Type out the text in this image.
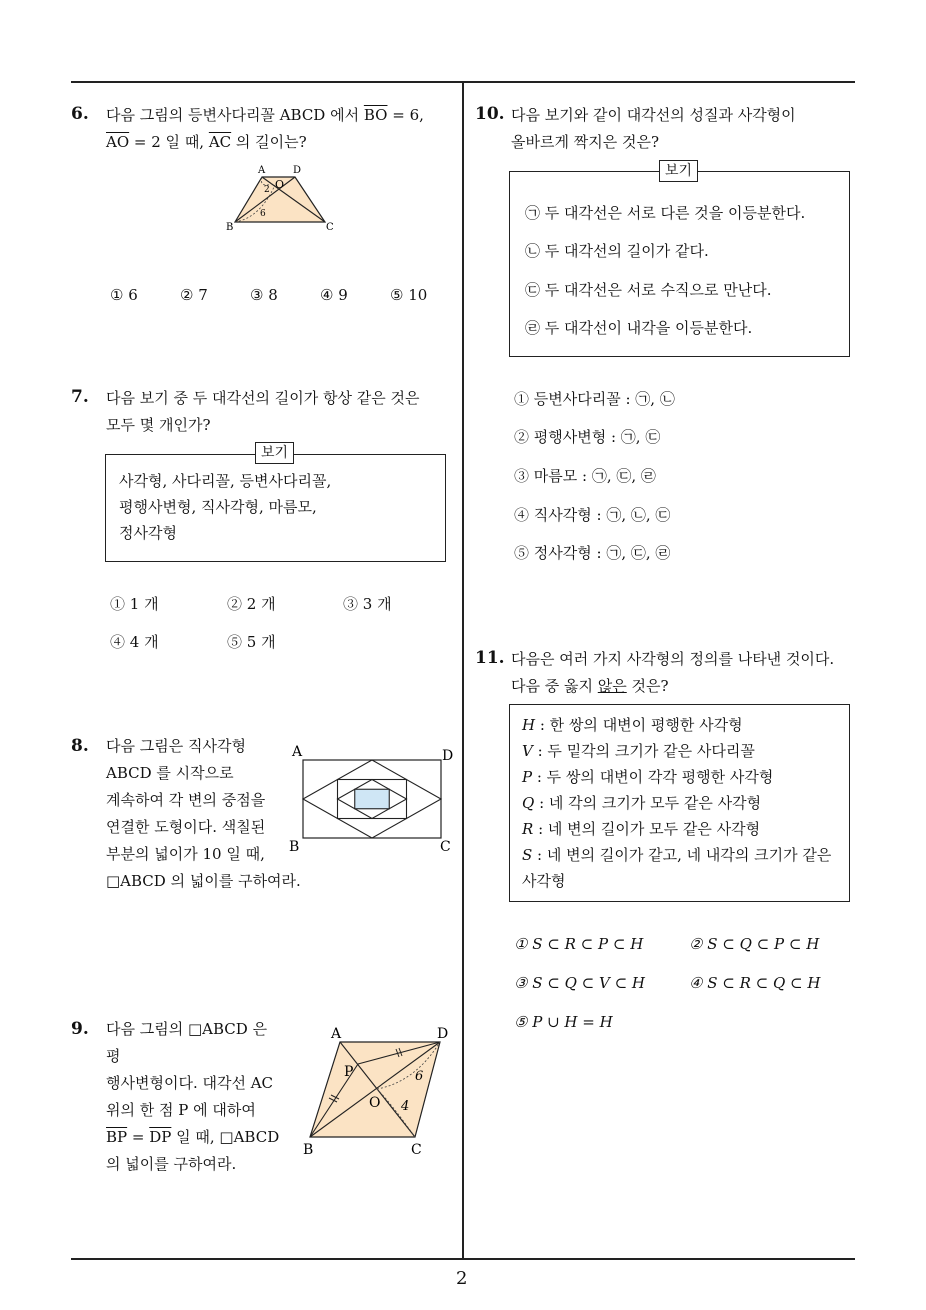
2
6. 다음 그림의 등변사다리꼴 ABCD 에서 $\overline{BO} = 6$,
$\overline{AO} = 2$ 일 때, $\overline{AC}$ 의 길이는?
A	D
O
2
6
B	C
① 6	② 7	③ 8	④ 9	⑤ 10
7. 다음 보기 중 두 대각선의 길이가 항상 같은 것은
모두 몇 개인가?
보기
사각형, 사다리꼴, 등변사다리꼴,
평행사변형, 직사각형, 마름모,
정사각형
① 1 개	② 2 개	③ 3 개
④ 4 개	⑤ 5 개
8. 다음 그림은 직사각형
ABCD 를 시작으로
계속하여 각 변의 중점을
연결한 도형이다. 색칠된
부분의 넓이가 10 일 때,
□ABCD 의 넓이를 구하여라.
A	D
B	C
9. 다음 그림의 □ABCD 은 평
행사변형이다. 대각선 AC
위의 한 점 P 에 대하여
$\overline{BP} = \overline{DP}$ 일 때, □ABCD
의 넓이를 구하여라.
A	D
P
O
6
4
B	C
10. 다음 보기와 같이 대각선의 성질과 사각형이
올바르게 짝지은 것은?
보기
㉠ 두 대각선은 서로 다른 것을 이등분한다.
㉡ 두 대각선의 길이가 같다.
㉢ 두 대각선은 서로 수직으로 만난다.
㉣ 두 대각선이 내각을 이등분한다.
① 등변사다리꼴 : ㉠, ㉡
② 평행사변형 : ㉠, ㉢
③ 마름모 : ㉠, ㉢, ㉣
④ 직사각형 : ㉠, ㉡, ㉢
⑤ 정사각형 : ㉠, ㉢, ㉣
11. 다음은 여러 가지 사각형의 정의를 나타낸 것이다.
다음 중 옳지 않은 것은?
H : 한 쌍의 대변이 평행한 사각형
V : 두 밑각의 크기가 같은 사다리꼴
P : 두 쌍의 대변이 각각 평행한 사각형
Q : 네 각의 크기가 모두 같은 사각형
R : 네 변의 길이가 모두 같은 사각형
S : 네 변의 길이가 같고, 네 내각의 크기가 같은
사각형
① S ⊂ R ⊂ P ⊂ H	② S ⊂ Q ⊂ P ⊂ H
③ S ⊂ Q ⊂ V ⊂ H	④ S ⊂ R ⊂ Q ⊂ H
⑤ P ∪ H = H
